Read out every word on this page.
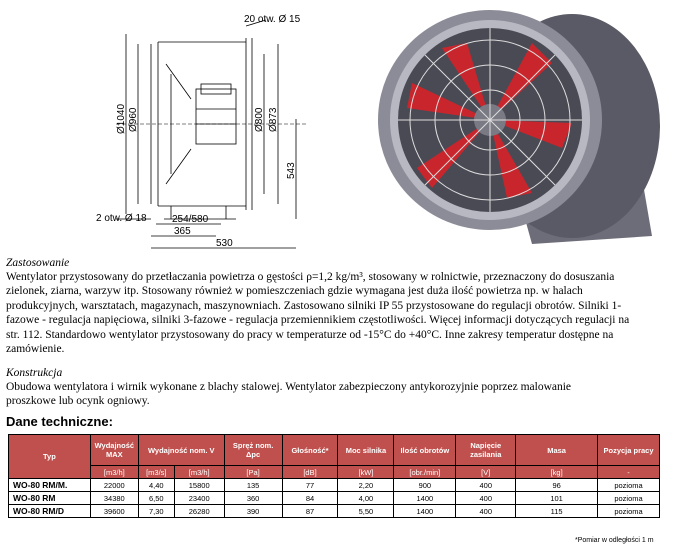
20 otw. Ø 15
2 otw. Ø 18
Ø1040 Ø960	Ø800 Ø873
543
254/580
365
530
Zastosowanie
Wentylator przystosowany do przetłaczania powietrza o gęstości ρ=1,2 kg/m³, stosowany w rolnictwie, przeznaczony do dosuszania
zielonek, ziarna, warzyw itp. Stosowany również w pomieszczeniach gdzie wymagana jest duża ilość powietrza np. w halach
produkcyjnych, warsztatach, magazynach, maszynowniach. Zastosowano silniki IP 55 przystosowane do regulacji obrotów. Silniki 1-
fazowe - regulacja napięciowa, silniki 3-fazowe - regulacja przemiennikiem częstotliwości. Więcej informacji dotyczących regulacji na
str. 112. Standardowo wentylator przystosowany do pracy w temperaturze od -15°C do +40°C. Inne zakresy temperatur dostępne na
zamówienie.
Konstrukcja
Obudowa wentylatora i wirnik wykonane z blachy stalowej. Wentylator zabezpieczony antykorozyjnie poprzez malowanie
proszkowe lub ocynk ogniowy.
Dane techniczne:
Typ	Wydajność MAX	Wydajność nom. V		Spręż nom. Δpc	Głośność*	Moc silnika	Ilość obrotów	Napięcie zasilania	Masa	Pozycja pracy
	[m3/h]	[m3/s]	[m3/h]	[Pa]	[dB]	[kW]	[obr./min]	[V]	[kg]	-
WO-80 RM/M.	22000	4,40	15800	135	77	2,20	900	400	96	pozioma
WO-80 RM	34380	6,50	23400	360	84	4,00	1400	400	101	pozioma
WO-80 RM/D	39600	7,30	26280	390	87	5,50	1400	400	115	pozioma
*Pomiar w odległości 1 m
